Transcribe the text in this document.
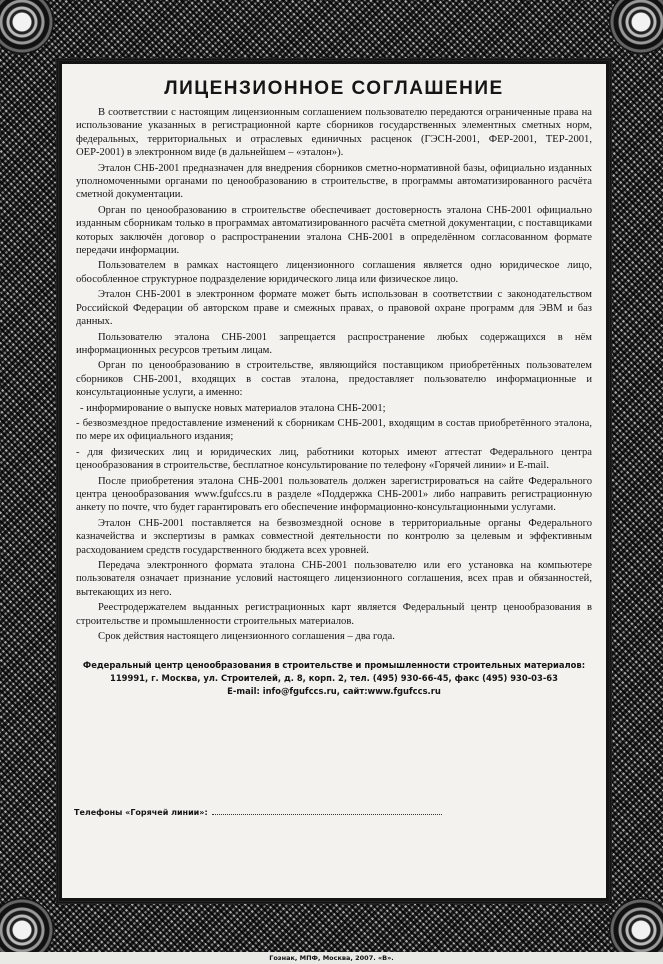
ЛИЦЕНЗИОННОЕ СОГЛАШЕНИЕ

В соответствии с настоящим лицензионным соглашением пользователю передаются ограниченные права на использование указанных в регистрационной карте сборников государственных элементных сметных норм, федеральных, территориальных и отраслевых единичных расценок (ГЭСН-2001, ФЕР-2001, ТЕР-2001, ОЕР-2001) в электронном виде (в дальнейшем – «эталон»).

Эталон СНБ-2001 предназначен для внедрения сборников сметно-нормативной базы, официально изданных уполномоченными органами по ценообразованию в строительстве, в программы автоматизированного расчёта сметной документации.

Орган по ценообразованию в строительстве обеспечивает достоверность эталона СНБ-2001 официально изданным сборникам только в программах автоматизированного расчёта сметной документации, с поставщиками которых заключён договор о распространении эталона СНБ-2001 в определённом согласованном формате передачи информации.

Пользователем в рамках настоящего лицензионного соглашения является одно юридическое лицо, обособленное структурное подразделение юридического лица или физическое лицо.

Эталон СНБ-2001 в электронном формате может быть использован в соответствии с законодательством Российской Федерации об авторском праве и смежных правах, о правовой охране программ для ЭВМ и баз данных.

Пользователю эталона СНБ-2001 запрещается распространение любых содержащихся в нём информационных ресурсов третьим лицам.

Орган по ценообразованию в строительстве, являющийся поставщиком приобретённых пользователем сборников СНБ-2001, входящих в состав эталона, предоставляет пользователю информационные и консультационные услуги, а именно:

- информирование о выпуске новых материалов эталона СНБ-2001;

- безвозмездное предоставление изменений к сборникам СНБ-2001, входящим в состав приобретённого эталона, по мере их официального издания;

- для физических лиц и юридических лиц, работники которых имеют аттестат Федерального центра ценообразования в строительстве, бесплатное консультирование по телефону «Горячей линии» и E-mail.

После приобретения эталона СНБ-2001 пользователь должен зарегистрироваться на сайте Федерального центра ценообразования www.fgufccs.ru в разделе «Поддержка СНБ-2001» либо направить регистрационную анкету по почте, что будет гарантировать его обеспечение информационно-консультационными услугами.

Эталон СНБ-2001 поставляется на безвозмездной основе в территориальные органы Федерального казначейства и экспертизы в рамках совместной деятельности по контролю за целевым и эффективным расходованием средств государственного бюджета всех уровней.

Передача электронного формата эталона СНБ-2001 пользователю или его установка на компьютере пользователя означает признание условий настоящего лицензионного соглашения, всех прав и обязанностей, вытекающих из него.

Реестродержателем выданных регистрационных карт является Федеральный центр ценообразования в строительстве и промышленности строительных материалов.

Срок действия настоящего лицензионного соглашения – два года.

Федеральный центр ценообразования в строительстве и промышленности строительных материалов:
119991, г. Москва, ул. Строителей, д. 8, корп. 2, тел. (495) 930-66-45, факс (495) 930-03-63
E-mail: info@fgufccs.ru, сайт:www.fgufccs.ru
Телефоны «Горячей линии»:
Гознак, МПФ, Москва, 2007. «В».
